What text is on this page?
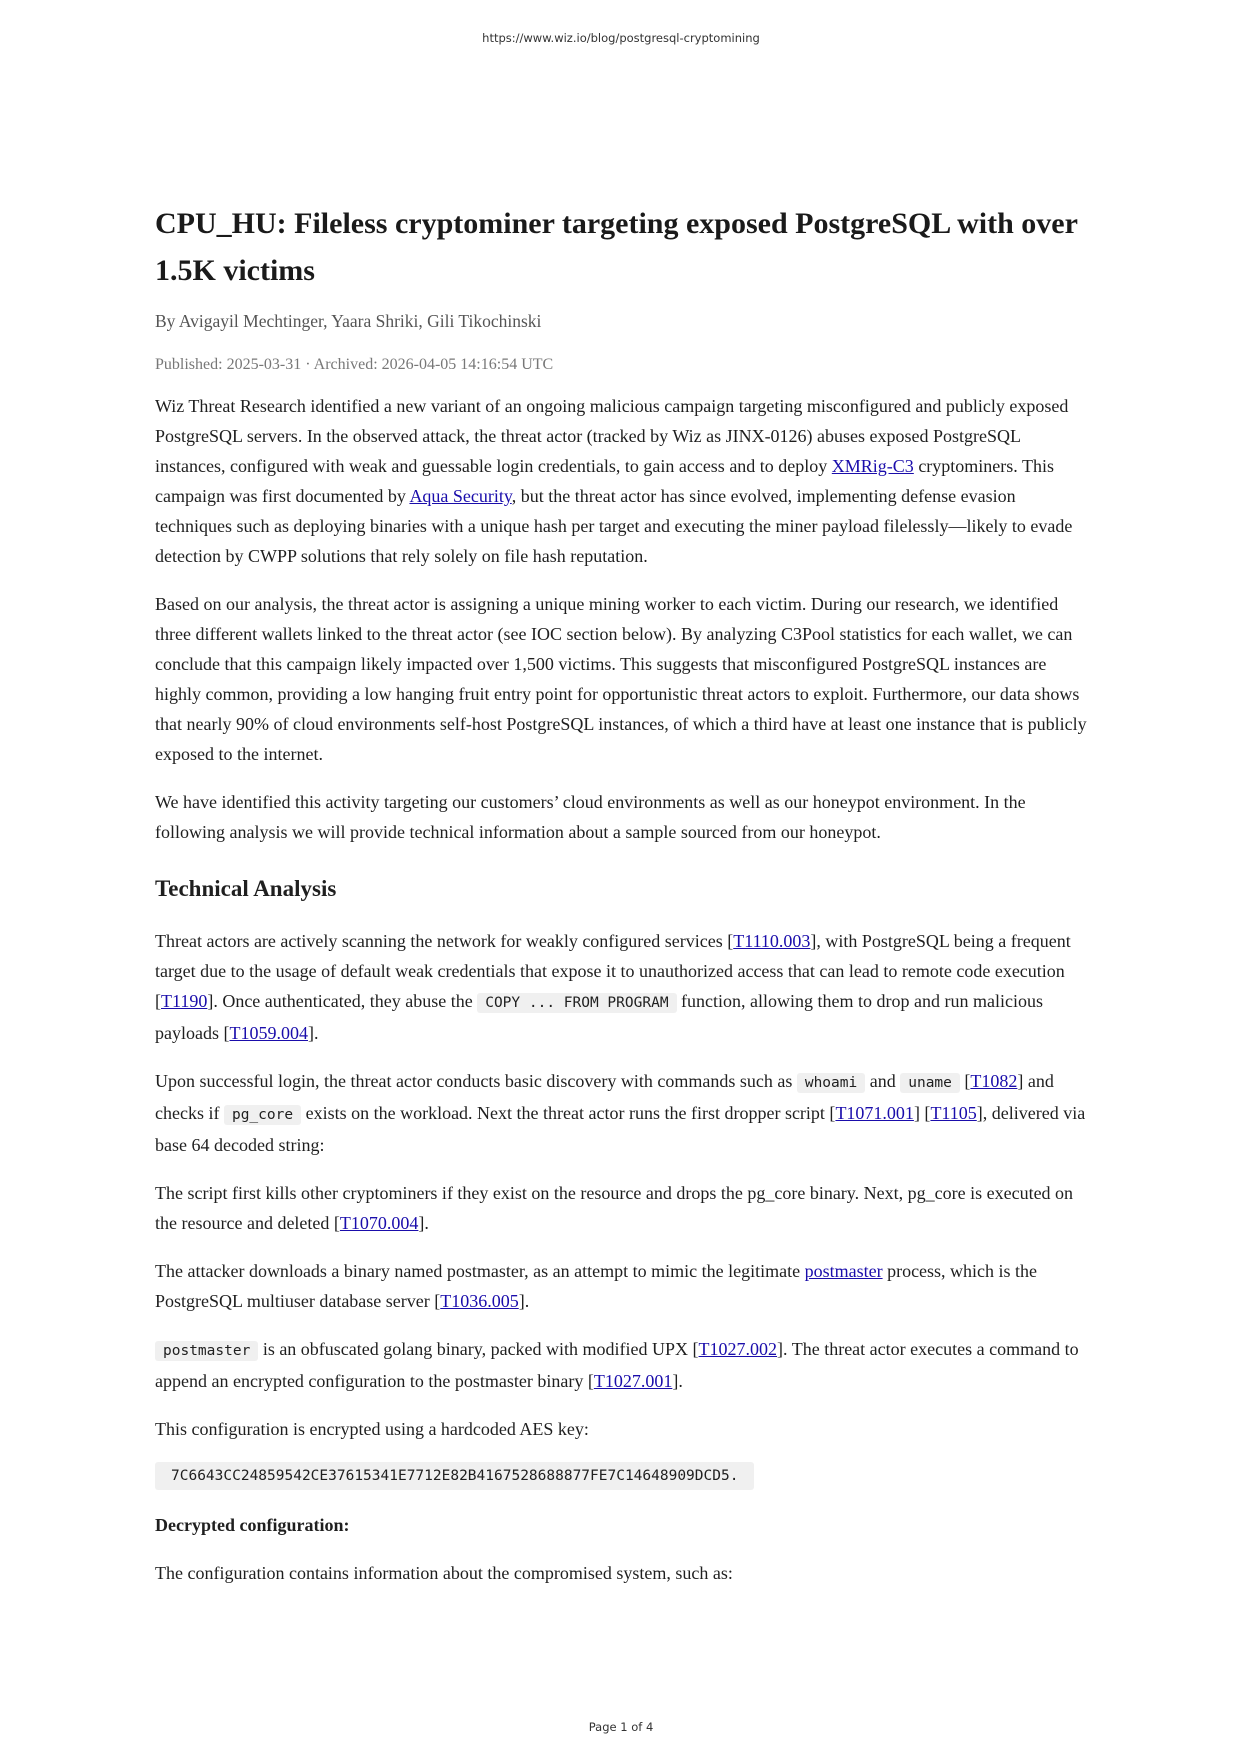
https://www.wiz.io/blog/postgresql-cryptomining
CPU_HU: Fileless cryptominer targeting exposed PostgreSQL with over 1.5K victims
By Avigayil Mechtinger, Yaara Shriki, Gili Tikochinski
Published: 2025-03-31 · Archived: 2026-04-05 14:16:54 UTC

Wiz Threat Research identified a new variant of an ongoing malicious campaign targeting misconfigured and publicly exposed PostgreSQL servers. In the observed attack, the threat actor (tracked by Wiz as JINX-0126) abuses exposed PostgreSQL instances, configured with weak and guessable login credentials, to gain access and to deploy XMRig-C3 cryptominers. This campaign was first documented by Aqua Security, but the threat actor has since evolved, implementing defense evasion techniques such as deploying binaries with a unique hash per target and executing the miner payload filelessly—likely to evade detection by CWPP solutions that rely solely on file hash reputation.

Based on our analysis, the threat actor is assigning a unique mining worker to each victim. During our research, we identified three different wallets linked to the threat actor (see IOC section below). By analyzing C3Pool statistics for each wallet, we can conclude that this campaign likely impacted over 1,500 victims. This suggests that misconfigured PostgreSQL instances are highly common, providing a low hanging fruit entry point for opportunistic threat actors to exploit. Furthermore, our data shows that nearly 90% of cloud environments self-host PostgreSQL instances, of which a third have at least one instance that is publicly exposed to the internet.

We have identified this activity targeting our customers’ cloud environments as well as our honeypot environment. In the following analysis we will provide technical information about a sample sourced from our honeypot.

Technical Analysis

Threat actors are actively scanning the network for weakly configured services [T1110.003], with PostgreSQL being a frequent target due to the usage of default weak credentials that expose it to unauthorized access that can lead to remote code execution [T1190]. Once authenticated, they abuse the COPY ... FROM PROGRAM function, allowing them to drop and run malicious payloads [T1059.004].

Upon successful login, the threat actor conducts basic discovery with commands such as whoami and uname [T1082] and checks if pg_core exists on the workload. Next the threat actor runs the first dropper script [T1071.001] [T1105], delivered via base 64 decoded string:

The script first kills other cryptominers if they exist on the resource and drops the pg_core binary. Next, pg_core is executed on the resource and deleted [T1070.004].

The attacker downloads a binary named postmaster, as an attempt to mimic the legitimate postmaster process, which is the PostgreSQL multiuser database server [T1036.005].

postmaster is an obfuscated golang binary, packed with modified UPX [T1027.002]. The threat actor executes a command to append an encrypted configuration to the postmaster binary [T1027.001].

This configuration is encrypted using a hardcoded AES key:

7C6643CC24859542CE37615341E7712E82B4167528688877FE7C14648909DCD5.

Decrypted configuration:

The configuration contains information about the compromised system, such as:

Page 1 of 4
